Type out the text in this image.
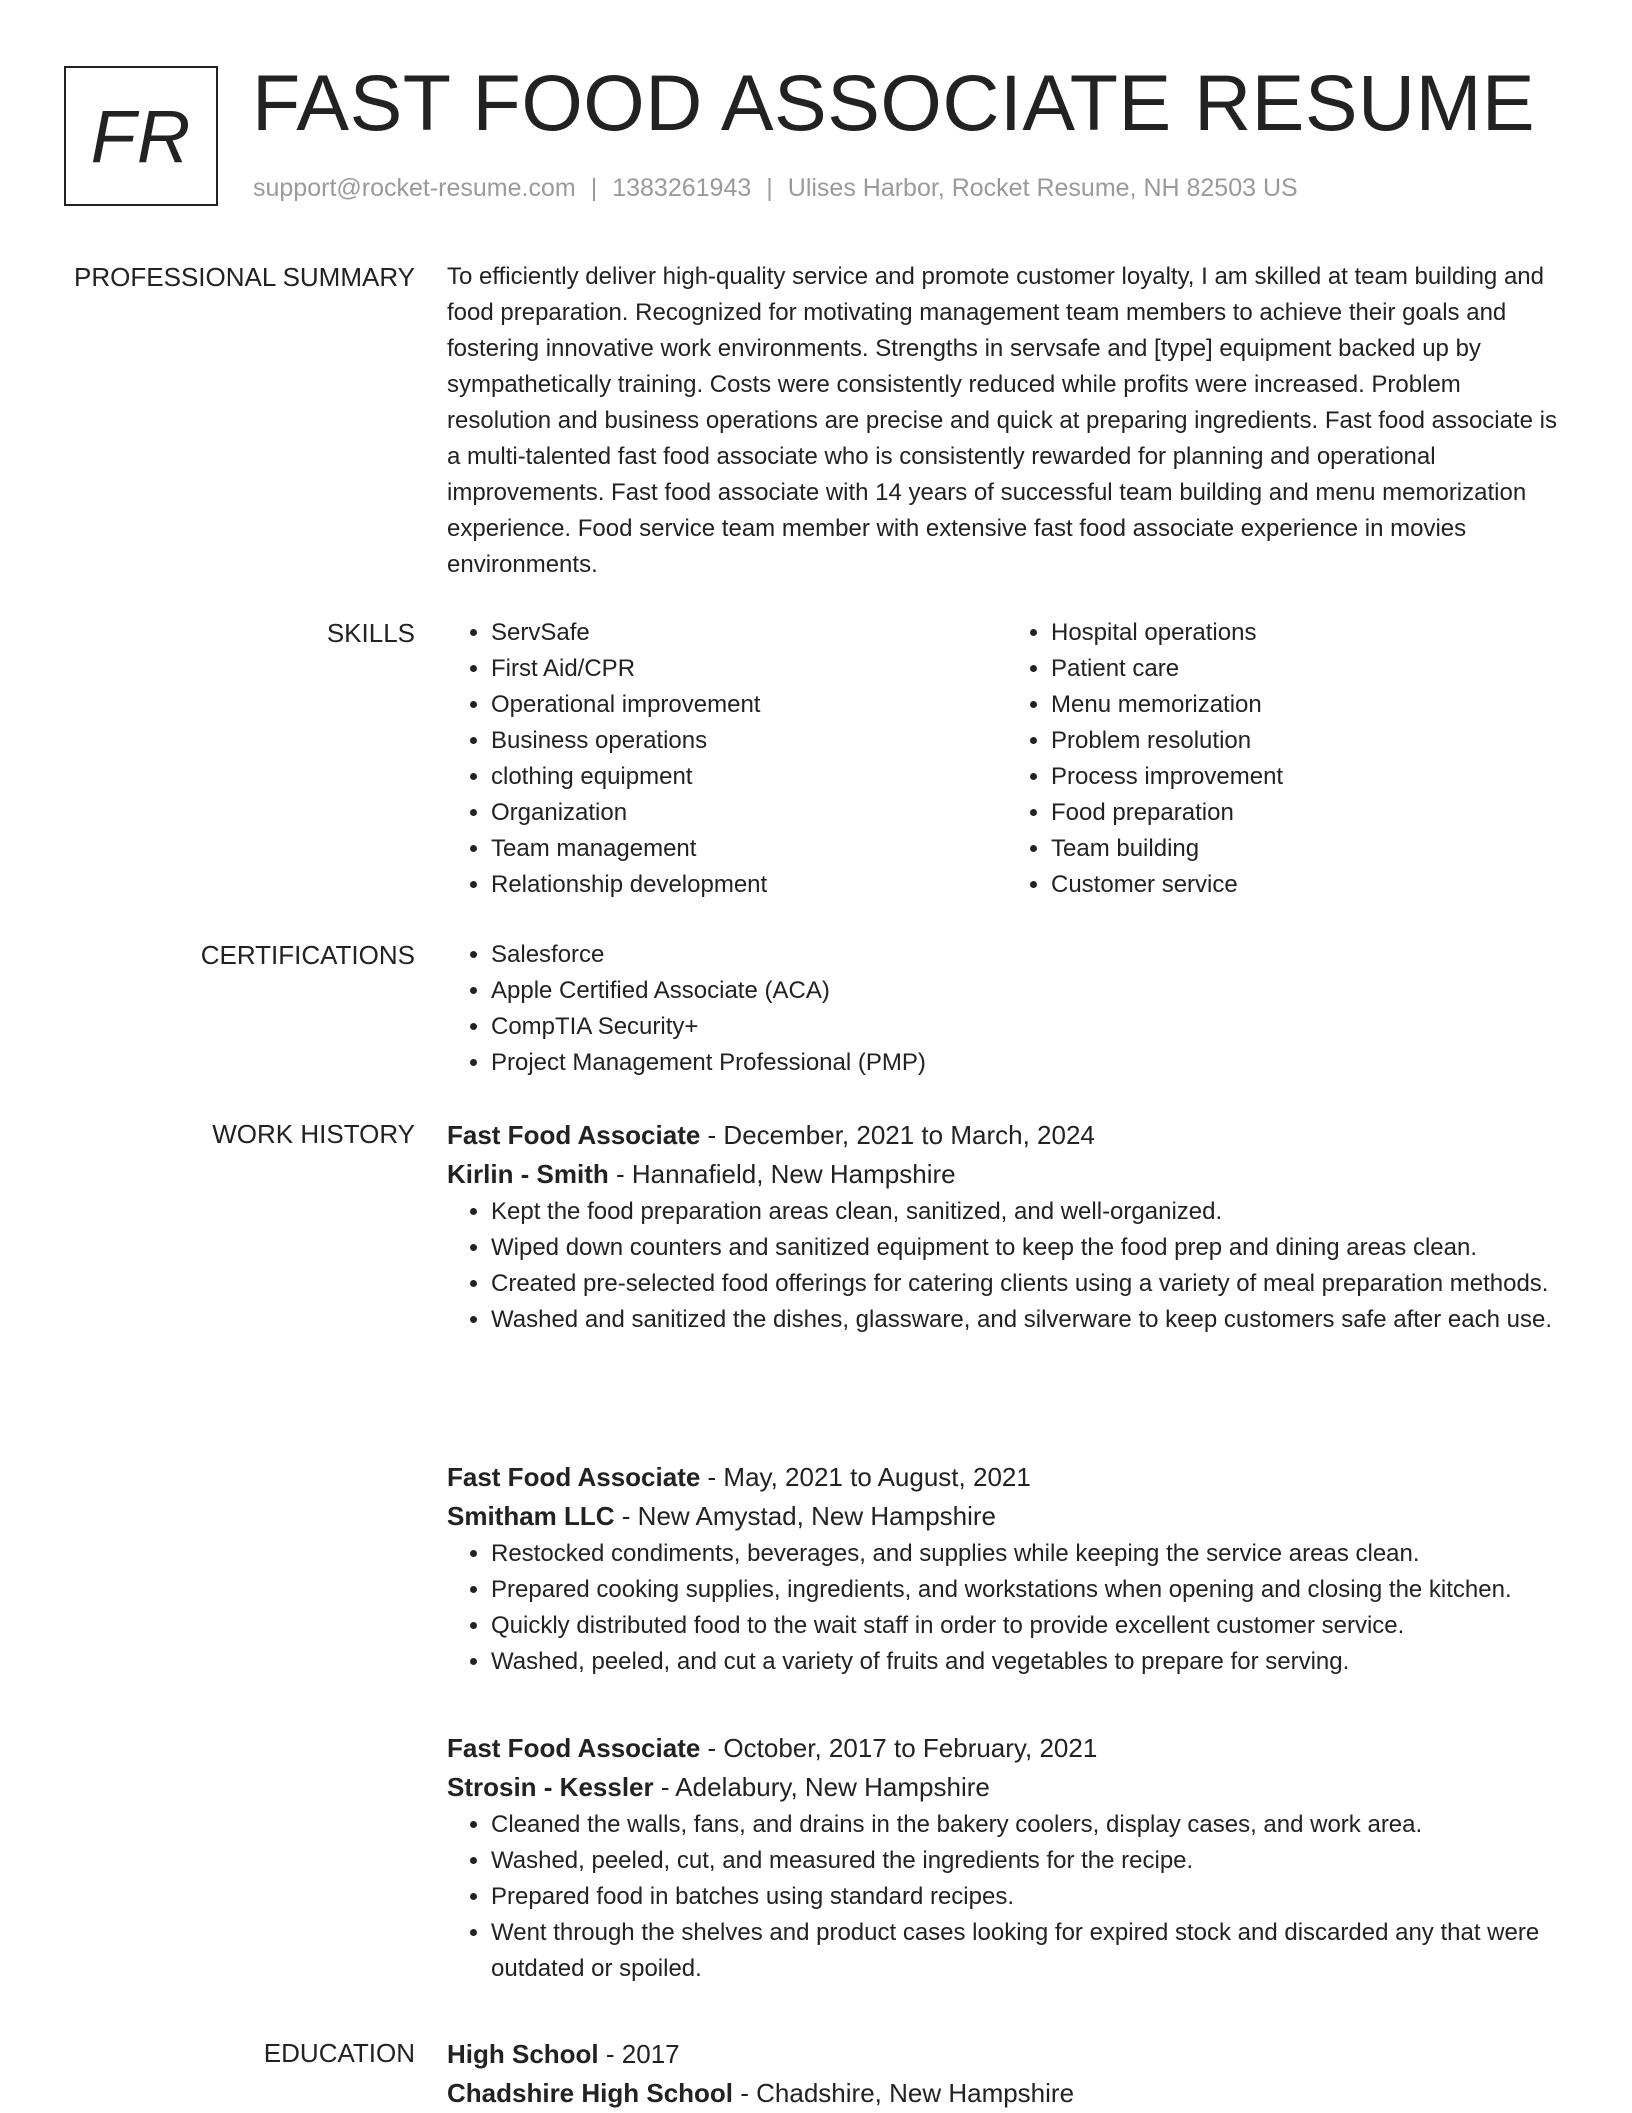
FR FAST FOOD ASSOCIATE RESUME
support@rocket-resume.com | 1383261943 | Ulises Harbor, Rocket Resume, NH 82503 US
PROFESSIONAL SUMMARY To efficiently deliver high-quality service and promote customer loyalty, I am skilled at team building and food preparation. Recognized for motivating management team members to achieve their goals and fostering innovative work environments. Strengths in servsafe and [type] equipment backed up by sympathetically training. Costs were consistently reduced while profits were increased. Problem resolution and business operations are precise and quick at preparing ingredients. Fast food associate is a multi-talented fast food associate who is consistently rewarded for planning and operational improvements. Fast food associate with 14 years of successful team building and menu memorization experience. Food service team member with extensive fast food associate experience in movies environments.

SKILLS	• ServSafe
• First Aid/CPR
• Operational improvement
• Business operations
• clothing equipment
• Organization
• Team management
• Relationship development
• Hospital operations
• Patient care
• Menu memorization
• Problem resolution
• Process improvement
• Food preparation
• Team building
• Customer service
CERTIFICATIONS	• Salesforce
• Apple Certified Associate (ACA)
• CompTIA Security+
• Project Management Professional (PMP)
WORK HISTORY Fast Food Associate - December, 2021 to March, 2024
Kirlin - Smith - Hannafield, New Hampshire
• Kept the food preparation areas clean, sanitized, and well-organized.
• Wiped down counters and sanitized equipment to keep the food prep and dining areas clean.
• Created pre-selected food offerings for catering clients using a variety of meal preparation methods.
• Washed and sanitized the dishes, glassware, and silverware to keep customers safe after each use.
Fast Food Associate - May, 2021 to August, 2021
Smitham LLC - New Amystad, New Hampshire
• Restocked condiments, beverages, and supplies while keeping the service areas clean.
• Prepared cooking supplies, ingredients, and workstations when opening and closing the kitchen.
• Quickly distributed food to the wait staff in order to provide excellent customer service.
• Washed, peeled, and cut a variety of fruits and vegetables to prepare for serving.
Fast Food Associate - October, 2017 to February, 2021
Strosin - Kessler - Adelabury, New Hampshire
• Cleaned the walls, fans, and drains in the bakery coolers, display cases, and work area.
• Washed, peeled, cut, and measured the ingredients for the recipe.
• Prepared food in batches using standard recipes.
• Went through the shelves and product cases looking for expired stock and discarded any that were outdated or spoiled.
EDUCATION High School - 2017
Chadshire High School - Chadshire, New Hampshire
